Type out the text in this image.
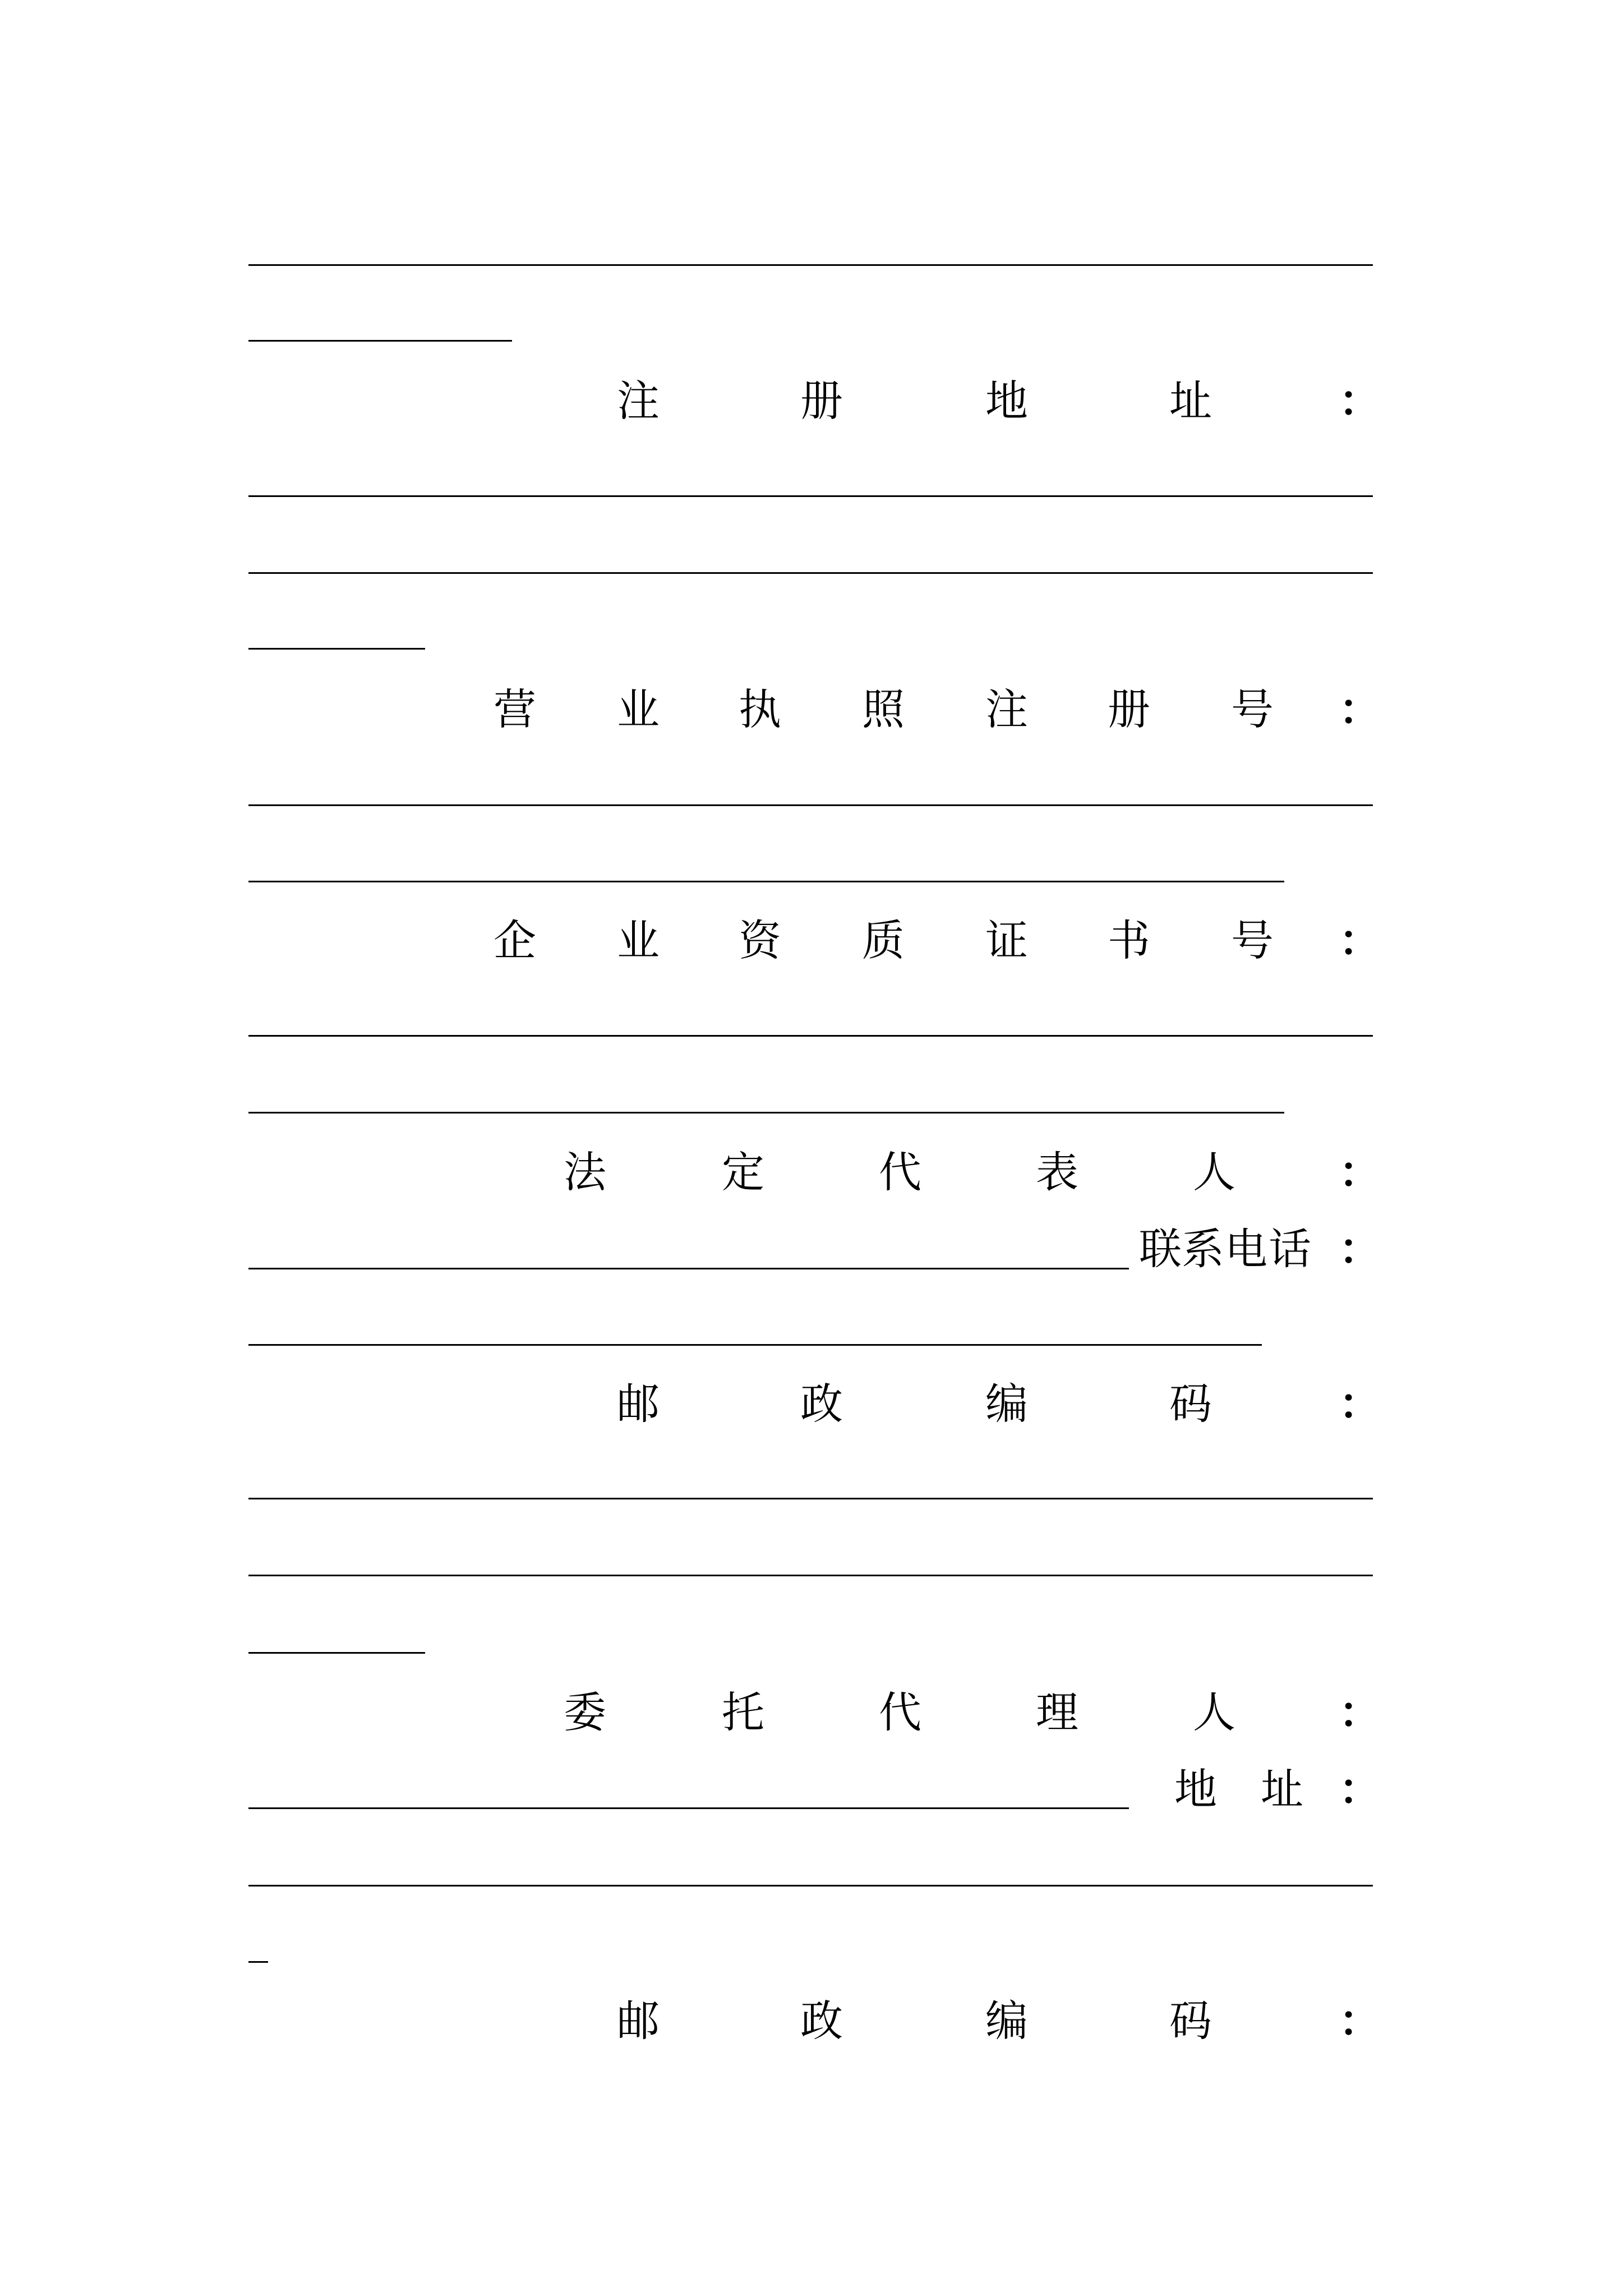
注	册	地	址	：
营 业 执 照 注 册 号 ：
企 业 资 质 证 书 号 ：
法	定	代	表	人 ：
联 系 电 话 ：
邮	政	编	码	：
委	托	代	理	人 ：
地 址 ：
邮	政	编	码	：
